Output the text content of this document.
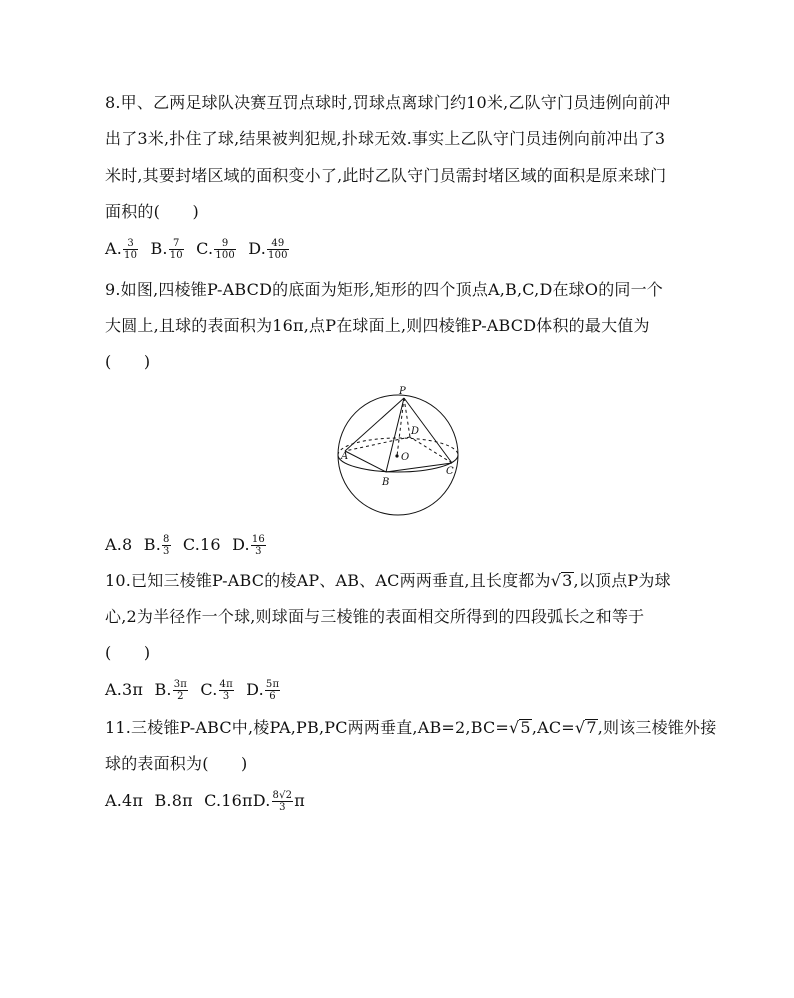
8.甲、乙两足球队决赛互罚点球时,罚球点离球门约10米,乙队守门员违例向前冲
出了3米,扑住了球,结果被判犯规,扑球无效.事实上乙队守门员违例向前冲出了3
米时,其要封堵区域的面积变小了,此时乙队守门员需封堵区域的面积是原来球门
面积的(　　)
A. $\frac{3}{10} B$. $\frac{7}{10} C$. $\frac{9}{100} D$. $\frac{49}{100}$
9.如图,四棱锥P-ABCD的底面为矩形,矩形的四个顶点A,B,C,D在球O的同一个
大圆上,且球的表面积为16π,点P在球面上,则四棱锥P-ABCD体积的最大值为
(　　)
P
A
B
C
D
O
A.8 B. $\frac{8}{3} C.16$ D. $\frac{16}{3}$
10.已知三棱锥P-ABC的棱AP、AB、AC两两垂直,且长度都为√3,以顶点P为球
心,2为半径作一个球,则球面与三棱锥的表面相交所得到的四段弧长之和等于
(　　)
A.3π B. $\frac{3\pi}{2} C$. $\frac{4\pi}{3} D$. $\frac{5\pi}{6}$
11.三棱锥P-ABC中,棱PA,PB,PC两两垂直,AB=2,BC=√5,AC=√7,则该三棱锥外接
球的表面积为(　　)
A.4π B.8π C.16πD. $\frac{8√2}{3}$ π
